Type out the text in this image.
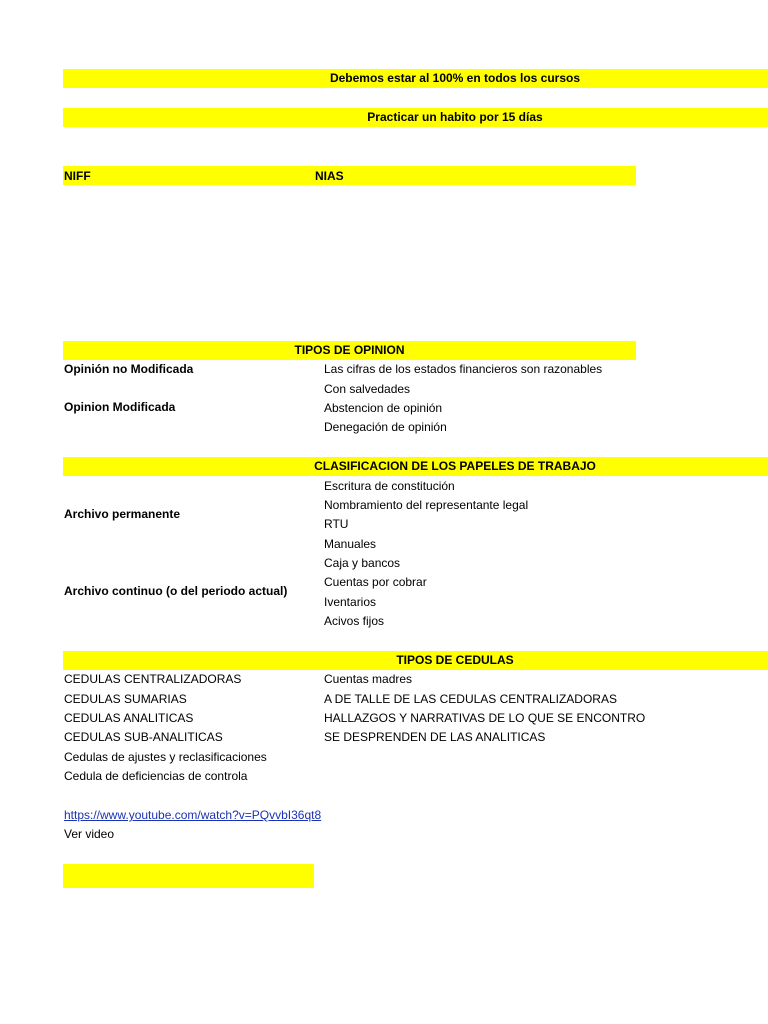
Debemos estar al 100% en todos los cursos
Practicar un habito por 15 días
NIFF	NIAS
TIPOS DE OPINION
Opinión no Modificada
Opinion Modificada
Las cifras de los estados financieros son razonables
Con salvedades
Abstencion de opinión
Denegación de opinión
CLASIFICACION DE LOS PAPELES DE TRABAJO
Archivo permanente
Archivo continuo (o del periodo actual)
Escritura de constitución
Nombramiento del representante legal
RTU
Manuales
Caja y bancos
Cuentas por cobrar
Iventarios
Acivos fijos
TIPOS DE CEDULAS
CEDULAS CENTRALIZADORAS
CEDULAS SUMARIAS
CEDULAS ANALITICAS
CEDULAS SUB-ANALITICAS
Cedulas de ajustes y reclasificaciones
Cedula de deficiencias de controla
Cuentas madres
A DE TALLE DE LAS CEDULAS CENTRALIZADORAS
HALLAZGOS Y NARRATIVAS DE LO QUE SE ENCONTRO
SE DESPRENDEN DE LAS ANALITICAS
https://www.youtube.com/watch?v=PQvvbI36qt8
Ver video
